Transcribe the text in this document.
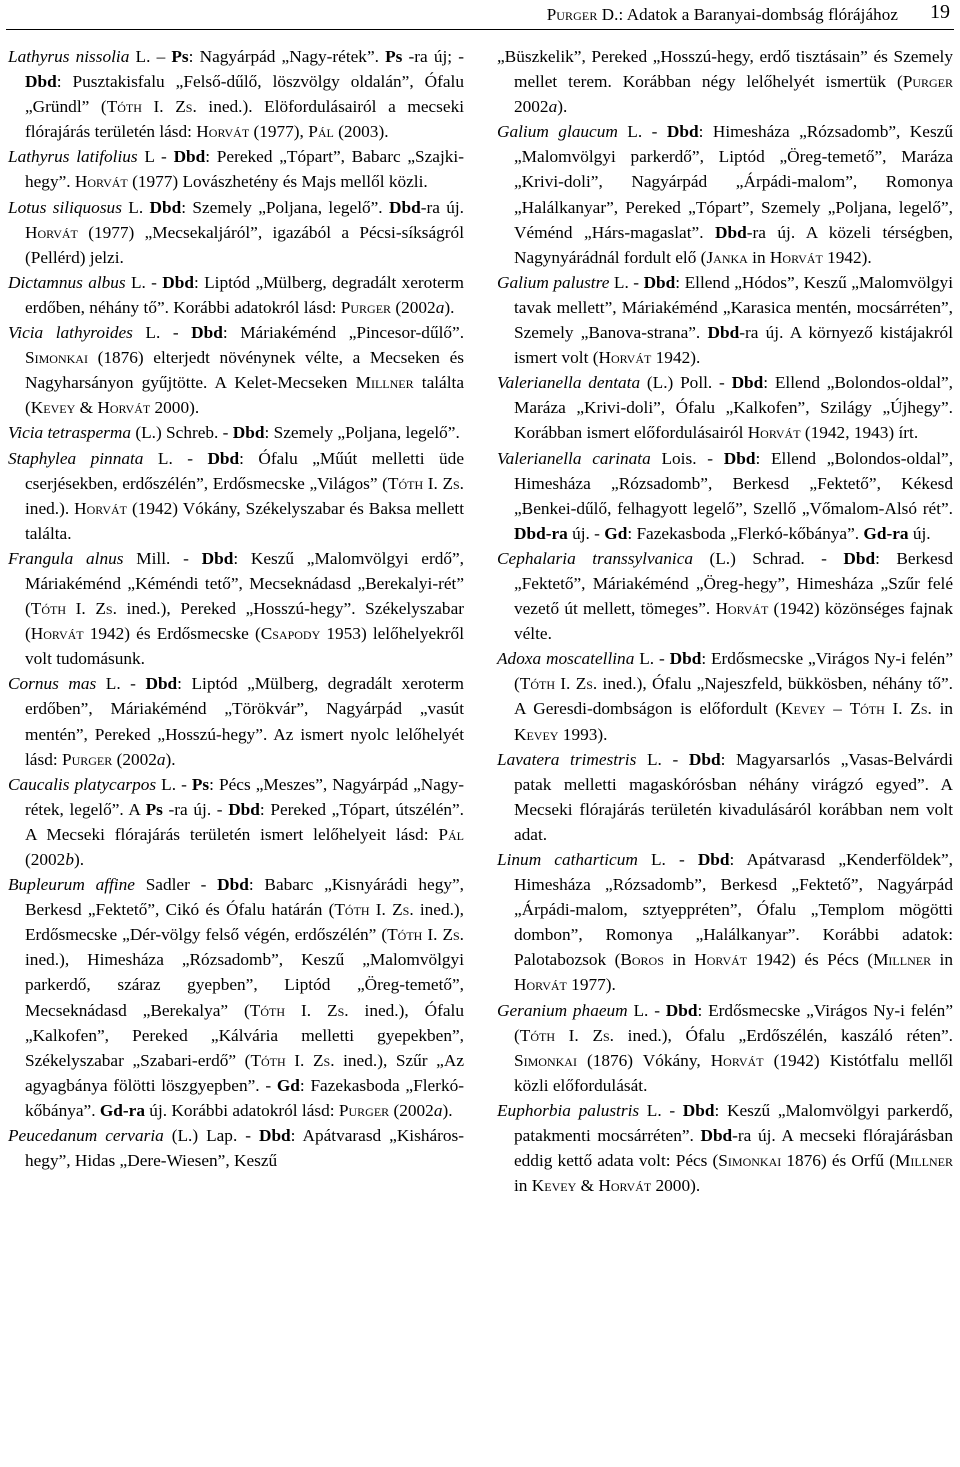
Purger D.: Adatok a Baranyai-dombság flórájához 19

Lathyrus nissolia L. – Ps: Nagyárpád „Nagy-rétek”. Ps -ra új; - Dbd: Pusztakisfalu „Felső-dűlő, löszvölgy oldalán”, Ófalu „Gründl” (Tóth I. Zs. ined.). Elöfordulásairól a mecseki flórajárás területén lásd: Horvát (1977), Pál (2003).

Lathyrus latifolius L - Dbd: Pereked „Tópart”, Babarc „Szajki-hegy”. Horvát (1977) Lovászhetény és Majs mellől közli.

Lotus siliquosus L. Dbd: Szemely „Poljana, legelő”. Dbd-ra új. Horvát (1977) „Mecsekaljáról”, igazából a Pécsi-síkságról (Pellérd) jelzi.

Dictamnus albus L. - Dbd: Liptód „Mülberg, degradált xeroterm erdőben, néhány tő”. Korábbi adatokról lásd: Purger (2002a).

Vicia lathyroides L. - Dbd: Máriakéménd „Pincesor-dűlő”. Simonkai (1876) elterjedt növénynek vélte, a Mecseken és Nagyharsányon gyűjtötte. A Kelet-Mecseken Millner találta (Kevey & Horvát 2000).

Vicia tetrasperma (L.) Schreb. - Dbd: Szemely „Poljana, legelő”.

Staphylea pinnata L. - Dbd: Ófalu „Műút melletti üde cserjésekben, erdőszélén”, Erdősmecske „Világos” (Tóth I. Zs. ined.). Horvát (1942) Vókány, Székelyszabar és Baksa mellett találta.

Frangula alnus Mill. - Dbd: Keszű „Malomvölgyi erdő”, Máriakéménd „Kéméndi tető”, Mecseknádasd „Berekalyi-rét” (Tóth I. Zs. ined.), Pereked „Hosszú-hegy”. Székelyszabar (Horvát 1942) és Erdősmecske (Csapody 1953) lelőhelyekről volt tudomásunk.

Cornus mas L. - Dbd: Liptód „Mülberg, degradált xeroterm erdőben”, Máriakéménd „Törökvár”, Nagyárpád „vasút mentén”, Pereked „Hosszú-hegy”. Az ismert nyolc lelőhelyét lásd: Purger (2002a).

Caucalis platycarpos L. - Ps: Pécs „Meszes”, Nagyárpád „Nagy-rétek, legelő”. A Ps -ra új. - Dbd: Pereked „Tópart, útszélén”. A Mecseki flórajárás területén ismert lelőhelyeit lásd: Pál (2002b).

Bupleurum affine Sadler - Dbd: Babarc „Kisnyárádi hegy”, Berkesd „Fektető”, Cikó és Ófalu határán (Tóth I. Zs. ined.), Erdősmecske „Dér-völgy felső végén, erdőszélén” (Tóth I. Zs. ined.), Himesháza „Rózsadomb”, Keszű „Malomvölgyi parkerdő, száraz gyepben”, Liptód „Öreg-temető”, Mecseknádasd „Berekalya” (Tóth I. Zs. ined.), Ófalu „Kalkofen”, Pereked „Kálvária melletti gyepekben”, Székelyszabar „Szabari-erdő” (Tóth I. Zs. ined.), Szűr „Az agyagbánya fölötti löszgyepben”. - Gd: Fazekasboda „Flerkó-kőbánya”. Gd-ra új. Korábbi adatokról lásd: Purger (2002a).

Peucedanum cervaria (L.) Lap. - Dbd: Apátvarasd „Kisháros-hegy”, Hidas „Dere-Wiesen”, Keszű

„Büszkelik”, Pereked „Hosszú-hegy, erdő tisztásain” és Szemely mellet terem. Korábban négy lelőhelyét ismertük (Purger 2002a).

Galium glaucum L. - Dbd: Himesháza „Rózsadomb”, Keszű „Malomvölgyi parkerdő”, Liptód „Öreg-temető”, Maráza „Krivi-doli”, Nagyárpád „Árpádi-malom”, Romonya „Halálkanyar”, Pereked „Tópart”, Szemely „Poljana, legelő”, Véménd „Hárs-magaslat”. Dbd-ra új. A közeli térségben, Nagynyárádnál fordult elő (Janka in Horvát 1942).

Galium palustre L. - Dbd: Ellend „Hódos”, Keszű „Malomvölgyi tavak mellett”, Máriakéménd „Karasica mentén, mocsárréten”, Szemely „Banova-strana”. Dbd-ra új. A környező kistájakról ismert volt (Horvát 1942).

Valerianella dentata (L.) Poll. - Dbd: Ellend „Bolondos-oldal”, Maráza „Krivi-doli”, Ófalu „Kalkofen”, Szilágy „Újhegy”. Korábban ismert előfordulásairól Horvát (1942, 1943) írt.

Valerianella carinata Lois. - Dbd: Ellend „Bolondos-oldal”, Himesháza „Rózsadomb”, Berkesd „Fektető”, Kékesd „Benkei-dűlő, felhagyott legelő”, Szellő „Vőmalom-Alsó rét”. Dbd-ra új. - Gd: Fazekasboda „Flerkó-kőbánya”. Gd-ra új.

Cephalaria transsylvanica (L.) Schrad. - Dbd: Berkesd „Fektető”, Máriakéménd „Öreg-hegy”, Himesháza „Szűr felé vezető út mellett, tömeges”. Horvát (1942) közönséges fajnak vélte.

Adoxa moscatellina L. - Dbd: Erdősmecske „Virágos Ny-i felén” (Tóth I. Zs. ined.), Ófalu „Najeszfeld, bükkösben, néhány tő”. A Geresdi-dombságon is előfordult (Kevey – Tóth I. Zs. in Kevey 1993).

Lavatera trimestris L. - Dbd: Magyarsarlós „Vasas-Belvárdi patak melletti magaskórósban néhány virágzó egyed”. A Mecseki flórajárás területén kivadulásáról korábban nem volt adat.

Linum catharticum L. - Dbd: Apátvarasd „Kenderföldek”, Himesháza „Rózsadomb”, Berkesd „Fektető”, Nagyárpád „Árpádi-malom, sztyeppréten”, Ófalu „Templom mögötti dombon”, Romonya „Halálkanyar”. Korábbi adatok: Palotabozsok (Boros in Horvát 1942) és Pécs (Millner in Horvát 1977).

Geranium phaeum L. - Dbd: Erdősmecske „Virágos Ny-i felén” (Tóth I. Zs. ined.), Ófalu „Erdőszélén, kaszáló réten”. Simonkai (1876) Vókány, Horvát (1942) Kistótfalu mellől közli előfordulását.

Euphorbia palustris L. - Dbd: Keszű „Malomvölgyi parkerdő, patakmenti mocsárréten”. Dbd-ra új. A mecseki flórajárásban eddig kettő adata volt: Pécs (Simonkai 1876) és Orfű (Millner in Kevey & Horvát 2000).
